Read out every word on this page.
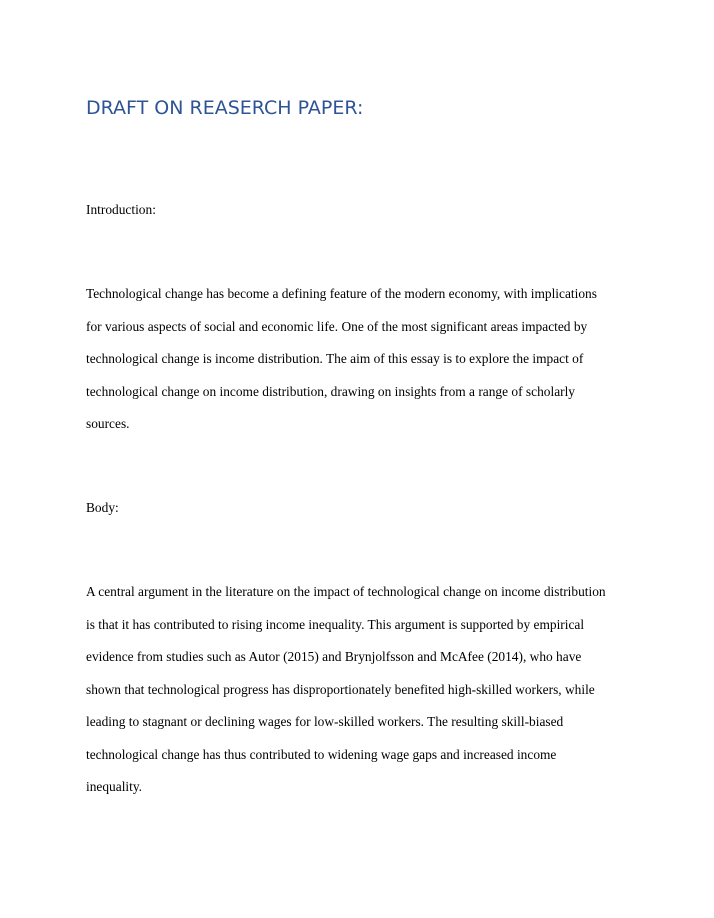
DRAFT ON REASERCH PAPER:

Introduction:

Technological change has become a defining feature of the modern economy, with implications
for various aspects of social and economic life. One of the most significant areas impacted by
technological change is income distribution. The aim of this essay is to explore the impact of
technological change on income distribution, drawing on insights from a range of scholarly
sources.

Body:

A central argument in the literature on the impact of technological change on income distribution
is that it has contributed to rising income inequality. This argument is supported by empirical
evidence from studies such as Autor (2015) and Brynjolfsson and McAfee (2014), who have
shown that technological progress has disproportionately benefited high-skilled workers, while
leading to stagnant or declining wages for low-skilled workers. The resulting skill-biased
technological change has thus contributed to widening wage gaps and increased income
inequality.
